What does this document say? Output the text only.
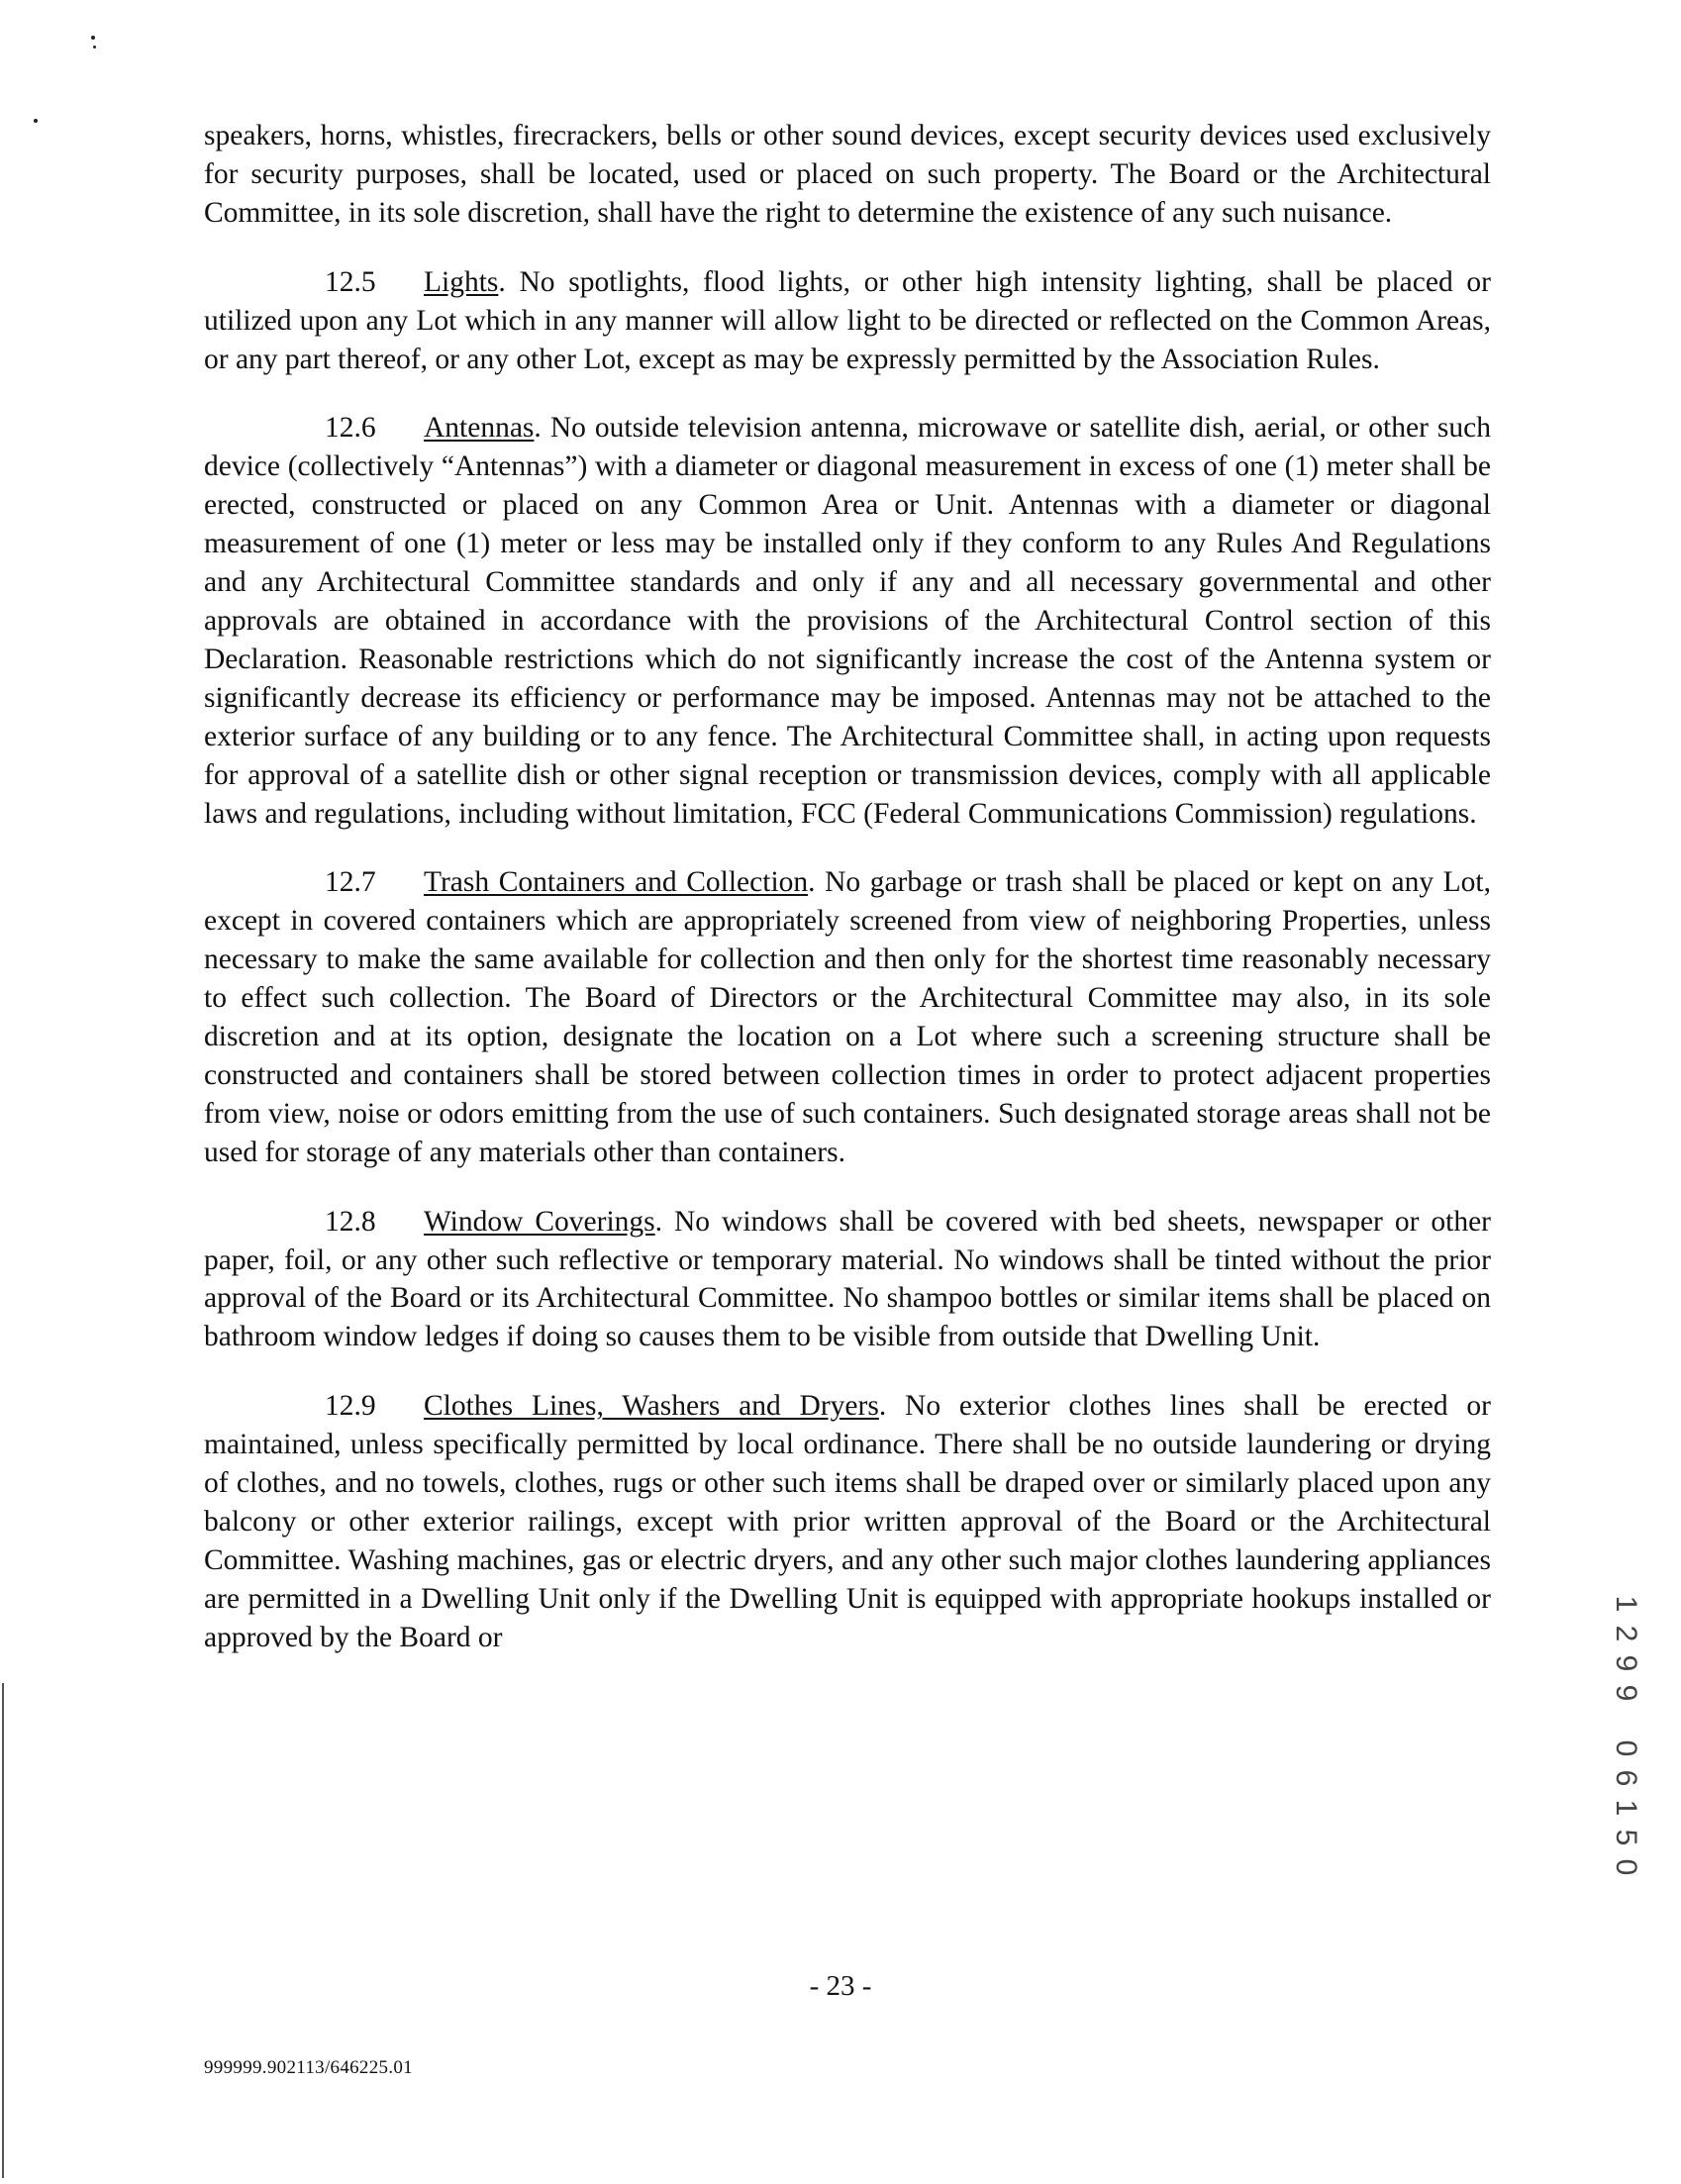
speakers, horns, whistles, firecrackers, bells or other sound devices, except security devices used exclusively for security purposes, shall be located, used or placed on such property. The Board or the Architectural Committee, in its sole discretion, shall have the right to determine the existence of any such nuisance.

12.5 Lights. No spotlights, flood lights, or other high intensity lighting, shall be placed or utilized upon any Lot which in any manner will allow light to be directed or reflected on the Common Areas, or any part thereof, or any other Lot, except as may be expressly permitted by the Association Rules.

12.6 Antennas. No outside television antenna, microwave or satellite dish, aerial, or other such device (collectively “Antennas”) with a diameter or diagonal measurement in excess of one (1) meter shall be erected, constructed or placed on any Common Area or Unit. Antennas with a diameter or diagonal measurement of one (1) meter or less may be installed only if they conform to any Rules And Regulations and any Architectural Committee standards and only if any and all necessary governmental and other approvals are obtained in accordance with the provisions of the Architectural Control section of this Declaration. Reasonable restrictions which do not significantly increase the cost of the Antenna system or significantly decrease its efficiency or performance may be imposed. Antennas may not be attached to the exterior surface of any building or to any fence. The Architectural Committee shall, in acting upon requests for approval of a satellite dish or other signal reception or transmission devices, comply with all applicable laws and regulations, including without limitation, FCC (Federal Communications Commission) regulations.

12.7 Trash Containers and Collection. No garbage or trash shall be placed or kept on any Lot, except in covered containers which are appropriately screened from view of neighboring Properties, unless necessary to make the same available for collection and then only for the shortest time reasonably necessary to effect such collection. The Board of Directors or the Architectural Committee may also, in its sole discretion and at its option, designate the location on a Lot where such a screening structure shall be constructed and containers shall be stored between collection times in order to protect adjacent properties from view, noise or odors emitting from the use of such containers. Such designated storage areas shall not be used for storage of any materials other than containers.

12.8 Window Coverings. No windows shall be covered with bed sheets, newspaper or other paper, foil, or any other such reflective or temporary material. No windows shall be tinted without the prior approval of the Board or its Architectural Committee. No shampoo bottles or similar items shall be placed on bathroom window ledges if doing so causes them to be visible from outside that Dwelling Unit.

12.9 Clothes Lines, Washers and Dryers. No exterior clothes lines shall be erected or maintained, unless specifically permitted by local ordinance. There shall be no outside laundering or drying of clothes, and no towels, clothes, rugs or other such items shall be draped over or similarly placed upon any balcony or other exterior railings, except with prior written approval of the Board or the Architectural Committee. Washing machines, gas or electric dryers, and any other such major clothes laundering appliances are permitted in a Dwelling Unit only if the Dwelling Unit is equipped with appropriate hookups installed or approved by the Board or

1
2
9
9
0
6
1
5
0
- 23 -
999999.902113/646225.01
